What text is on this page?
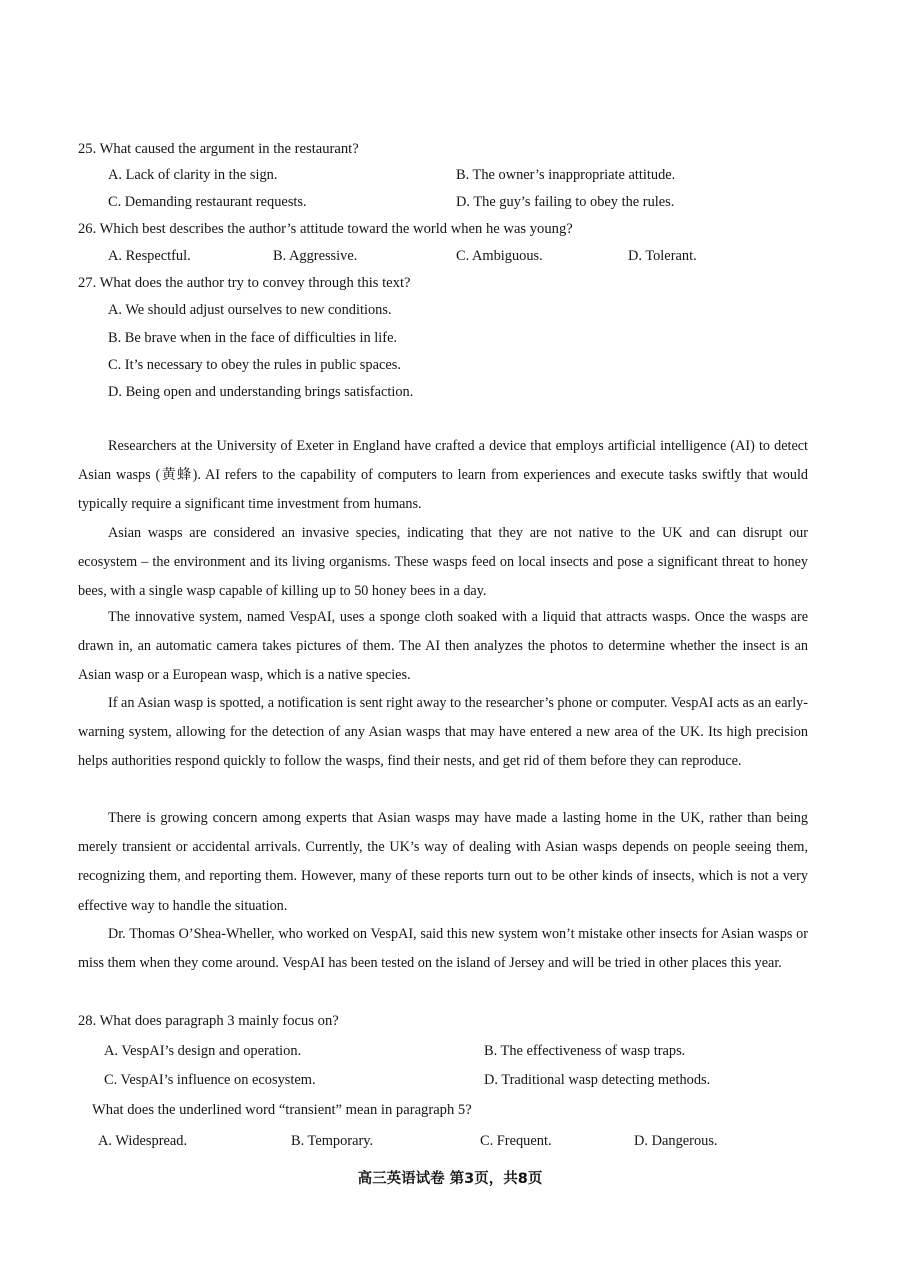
25. What caused the argument in the restaurant?
A. Lack of clarity in the sign.	B. The owner’s inappropriate attitude.
C. Demanding restaurant requests.	D. The guy’s failing to obey the rules.
26. Which best describes the author’s attitude toward the world when he was young?
A. Respectful.	B. Aggressive.	C. Ambiguous.	D. Tolerant.
27. What does the author try to convey through this text?
A. We should adjust ourselves to new conditions.
B. Be brave when in the face of difficulties in life.
C. It’s necessary to obey the rules in public spaces.
D. Being open and understanding brings satisfaction.
Researchers at the University of Exeter in England have crafted a device that employs artificial intelligence (AI) to detect Asian wasps (黄蜂). AI refers to the capability of computers to learn from experiences and execute tasks swiftly that would typically require a significant time investment from humans.
Asian wasps are considered an invasive species, indicating that they are not native to the UK and can disrupt our ecosystem – the environment and its living organisms. These wasps feed on local insects and pose a significant threat to honey bees, with a single wasp capable of killing up to 50 honey bees in a day.
The innovative system, named VespAI, uses a sponge cloth soaked with a liquid that attracts wasps. Once the wasps are drawn in, an automatic camera takes pictures of them. The AI then analyzes the photos to determine whether the insect is an Asian wasp or a European wasp, which is a native species.
If an Asian wasp is spotted, a notification is sent right away to the researcher’s phone or computer. VespAI acts as an early-warning system, allowing for the detection of any Asian wasps that may have entered a new area of the UK. Its high precision helps authorities respond quickly to follow the wasps, find their nests, and get rid of them before they can reproduce.
There is growing concern among experts that Asian wasps may have made a lasting home in the UK, rather than being merely transient or accidental arrivals. Currently, the UK’s way of dealing with Asian wasps depends on people seeing them, recognizing them, and reporting them. However, many of these reports turn out to be other kinds of insects, which is not a very effective way to handle the situation.
Dr. Thomas O’Shea-Wheller, who worked on VespAI, said this new system won’t mistake other insects for Asian wasps or miss them when they come around. VespAI has been tested on the island of Jersey and will be tried in other places this year.
28. What does paragraph 3 mainly focus on?
A. VespAI’s design and operation.	B. The effectiveness of wasp traps.
C. VespAI’s influence on ecosystem.	D. Traditional wasp detecting methods.
What does the underlined word “transient” mean in paragraph 5?
A. Widespread.	B. Temporary.	C. Frequent.	D. Dangerous.
高三英语试卷 第3页，共8页
